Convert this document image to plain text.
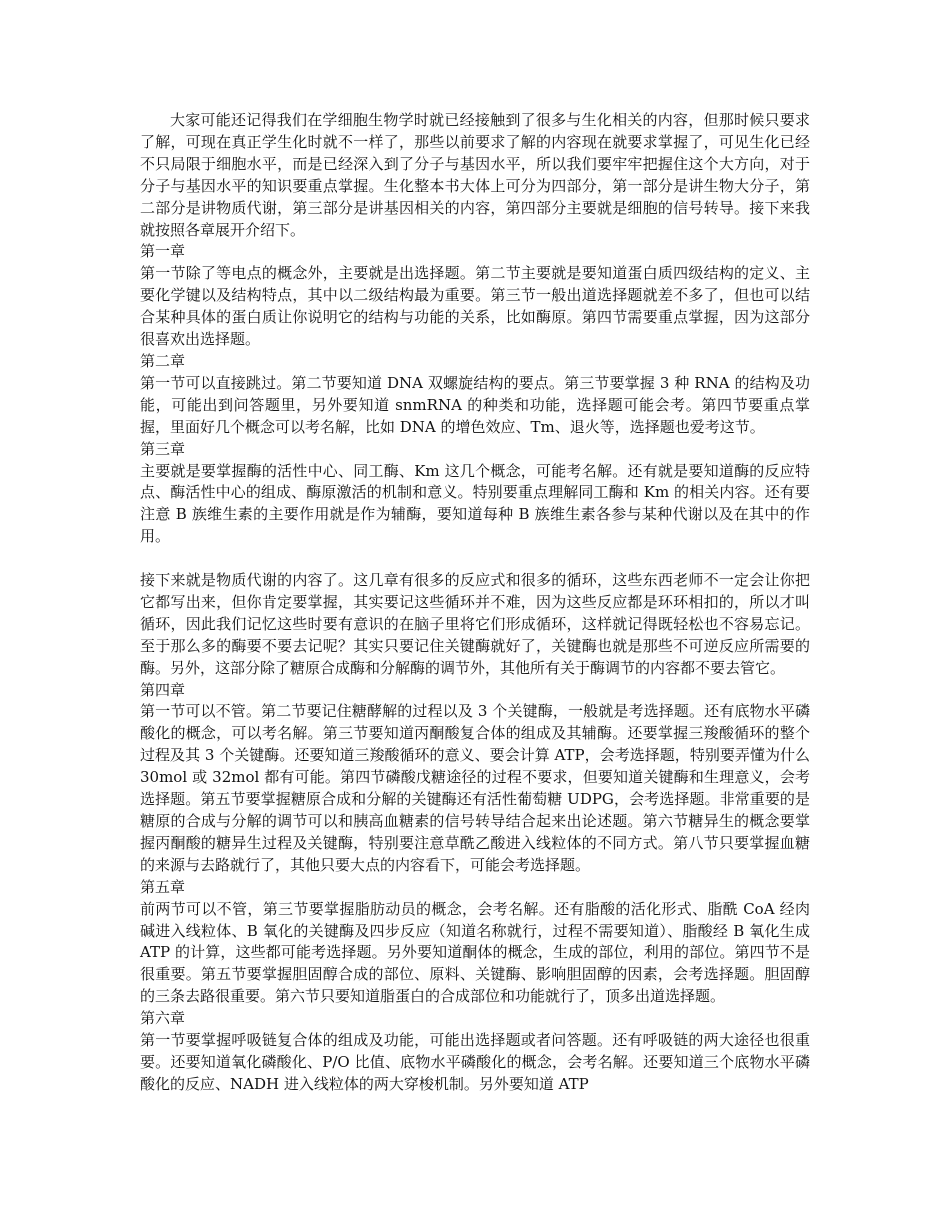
大家可能还记得我们在学细胞生物学时就已经接触到了很多与生化相关的内容，但那时候只要求了解，可现在真正学生化时就不一样了，那些以前要求了解的内容现在就要求掌握了，可见生化已经不只局限于细胞水平，而是已经深入到了分子与基因水平，所以我们要牢牢把握住这个大方向，对于分子与基因水平的知识要重点掌握。生化整本书大体上可分为四部分，第一部分是讲生物大分子，第二部分是讲物质代谢，第三部分是讲基因相关的内容，第四部分主要就是细胞的信号转导。接下来我就按照各章展开介绍下。

第一章

第一节除了等电点的概念外，主要就是出选择题。第二节主要就是要知道蛋白质四级结构的定义、主要化学键以及结构特点，其中以二级结构最为重要。第三节一般出道选择题就差不多了，但也可以结合某种具体的蛋白质让你说明它的结构与功能的关系，比如酶原。第四节需要重点掌握，因为这部分很喜欢出选择题。

第二章

第一节可以直接跳过。第二节要知道 DNA 双螺旋结构的要点。第三节要掌握 3 种 RNA 的结构及功能，可能出到问答题里，另外要知道 snmRNA 的种类和功能，选择题可能会考。第四节要重点掌握，里面好几个概念可以考名解，比如 DNA 的增色效应、Tm、退火等，选择题也爱考这节。

第三章

主要就是要掌握酶的活性中心、同工酶、Km 这几个概念，可能考名解。还有就是要知道酶的反应特点、酶活性中心的组成、酶原激活的机制和意义。特别要重点理解同工酶和 Km 的相关内容。还有要注意 B 族维生素的主要作用就是作为辅酶，要知道每种 B 族维生素各参与某种代谢以及在其中的作用。

接下来就是物质代谢的内容了。这几章有很多的反应式和很多的循环，这些东西老师不一定会让你把它都写出来，但你肯定要掌握，其实要记这些循环并不难，因为这些反应都是环环相扣的，所以才叫循环，因此我们记忆这些时要有意识的在脑子里将它们形成循环，这样就记得既轻松也不容易忘记。至于那么多的酶要不要去记呢？其实只要记住关键酶就好了，关键酶也就是那些不可逆反应所需要的酶。另外，这部分除了糖原合成酶和分解酶的调节外，其他所有关于酶调节的内容都不要去管它。

第四章

第一节可以不管。第二节要记住糖酵解的过程以及 3 个关键酶，一般就是考选择题。还有底物水平磷酸化的概念，可以考名解。第三节要知道丙酮酸复合体的组成及其辅酶。还要掌握三羧酸循环的整个过程及其 3 个关键酶。还要知道三羧酸循环的意义、要会计算 ATP，会考选择题，特别要弄懂为什么 30mol 或 32mol 都有可能。第四节磷酸戊糖途径的过程不要求，但要知道关键酶和生理意义，会考选择题。第五节要掌握糖原合成和分解的关键酶还有活性葡萄糖 UDPG，会考选择题。非常重要的是糖原的合成与分解的调节可以和胰高血糖素的信号转导结合起来出论述题。第六节糖异生的概念要掌握丙酮酸的糖异生过程及关键酶，特别要注意草酰乙酸进入线粒体的不同方式。第八节只要掌握血糖的来源与去路就行了，其他只要大点的内容看下，可能会考选择题。

第五章

前两节可以不管，第三节要掌握脂肪动员的概念，会考名解。还有脂酸的活化形式、脂酰 CoA 经肉碱进入线粒体、Β 氧化的关键酶及四步反应（知道名称就行，过程不需要知道）、脂酸经 Β 氧化生成 ATP 的计算，这些都可能考选择题。另外要知道酮体的概念，生成的部位，利用的部位。第四节不是很重要。第五节要掌握胆固醇合成的部位、原料、关键酶、影响胆固醇的因素，会考选择题。胆固醇的三条去路很重要。第六节只要知道脂蛋白的合成部位和功能就行了，顶多出道选择题。

第六章

第一节要掌握呼吸链复合体的组成及功能，可能出选择题或者问答题。还有呼吸链的两大途径也很重要。还要知道氧化磷酸化、P/O 比值、底物水平磷酸化的概念，会考名解。还要知道三个底物水平磷酸化的反应、NADH 进入线粒体的两大穿梭机制。另外要知道 ATP
